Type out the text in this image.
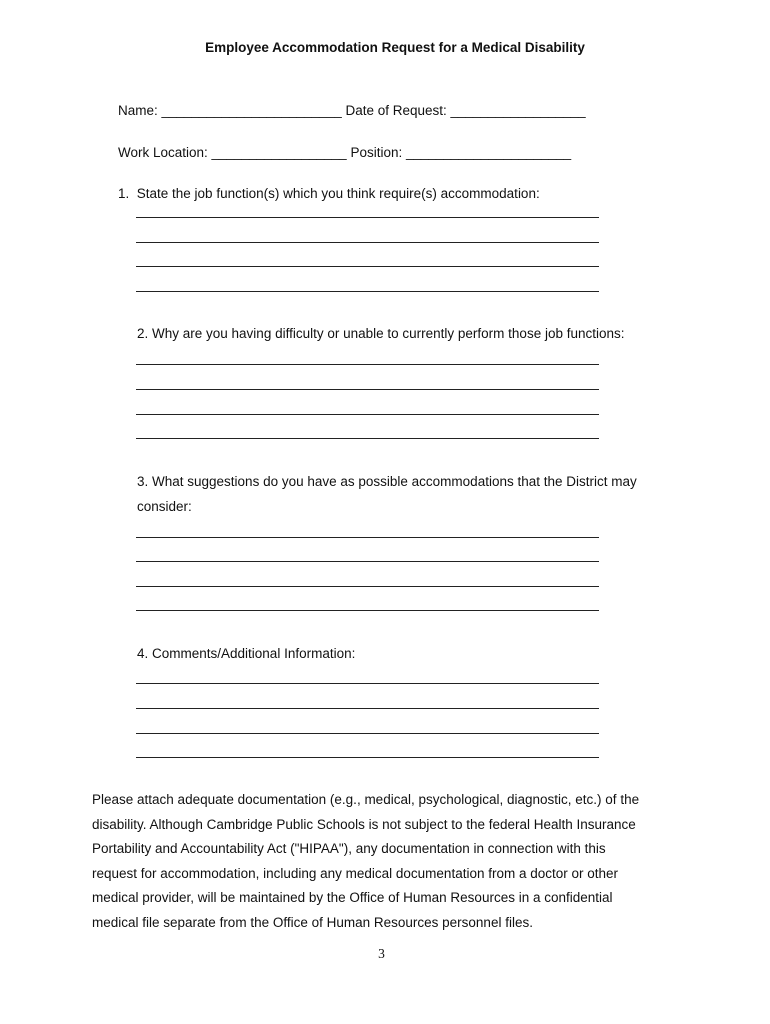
Employee Accommodation Request for a Medical Disability
Name: ________________________ Date of Request: __________________
Work Location: __________________ Position: ______________________
1.  State the job function(s) which you think require(s) accommodation:
2. Why are you having difficulty or unable to currently perform those job functions:
3. What suggestions do you have as possible accommodations that the District may
consider:
4. Comments/Additional Information:
Please attach adequate documentation (e.g., medical, psychological, diagnostic, etc.) of the
disability. Although Cambridge Public Schools is not subject to the federal Health Insurance
Portability and Accountability Act ("HIPAA"), any documentation in connection with this
request for accommodation, including any medical documentation from a doctor or other
medical provider, will be maintained by the Office of Human Resources in a confidential
medical file separate from the Office of Human Resources personnel files.
3
